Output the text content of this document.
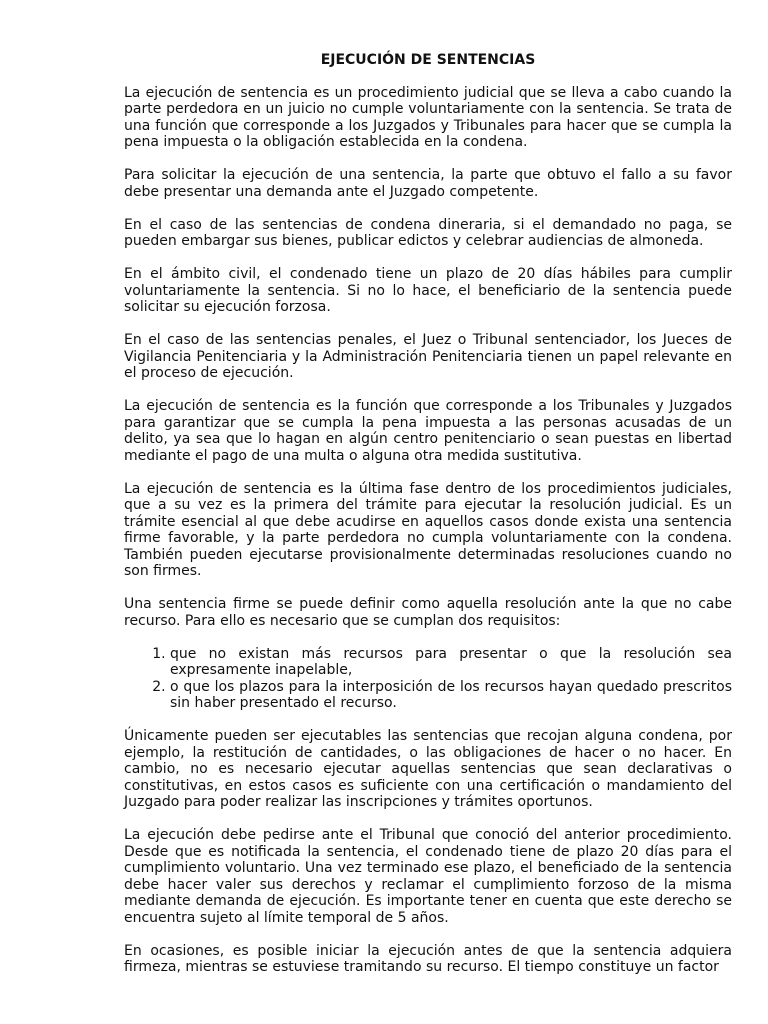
EJECUCIÓN DE SENTENCIAS

La ejecución de sentencia es un procedimiento judicial que se lleva a cabo cuando la parte perdedora en un juicio no cumple voluntariamente con la sentencia. Se trata de una función que corresponde a los Juzgados y Tribunales para hacer que se cumpla la pena impuesta o la obligación establecida en la condena.

Para solicitar la ejecución de una sentencia, la parte que obtuvo el fallo a su favor debe presentar una demanda ante el Juzgado competente.

En el caso de las sentencias de condena dineraria, si el demandado no paga, se pueden embargar sus bienes, publicar edictos y celebrar audiencias de almoneda.

En el ámbito civil, el condenado tiene un plazo de 20 días hábiles para cumplir voluntariamente la sentencia. Si no lo hace, el beneficiario de la sentencia puede solicitar su ejecución forzosa.

En el caso de las sentencias penales, el Juez o Tribunal sentenciador, los Jueces de Vigilancia Penitenciaria y la Administración Penitenciaria tienen un papel relevante en el proceso de ejecución.

La ejecución de sentencia es la función que corresponde a los Tribunales y Juzgados para garantizar que se cumpla la pena impuesta a las personas acusadas de un delito, ya sea que lo hagan en algún centro penitenciario o sean puestas en libertad mediante el pago de una multa o alguna otra medida sustitutiva.

La ejecución de sentencia es la última fase dentro de los procedimientos judiciales, que a su vez es la primera del trámite para ejecutar la resolución judicial. Es un trámite esencial al que debe acudirse en aquellos casos donde exista una sentencia firme favorable, y la parte perdedora no cumpla voluntariamente con la condena. También pueden ejecutarse provisionalmente determinadas resoluciones cuando no son firmes.

Una sentencia firme se puede definir como aquella resolución ante la que no cabe recurso. Para ello es necesario que se cumplan dos requisitos:

1. que no existan más recursos para presentar o que la resolución sea expresamente inapelable,
2. o que los plazos para la interposición de los recursos hayan quedado prescritos sin haber presentado el recurso.

Únicamente pueden ser ejecutables las sentencias que recojan alguna condena, por ejemplo, la restitución de cantidades, o las obligaciones de hacer o no hacer. En cambio, no es necesario ejecutar aquellas sentencias que sean declarativas o constitutivas, en estos casos es suficiente con una certificación o mandamiento del Juzgado para poder realizar las inscripciones y trámites oportunos.

La ejecución debe pedirse ante el Tribunal que conoció del anterior procedimiento. Desde que es notificada la sentencia, el condenado tiene de plazo 20 días para el cumplimiento voluntario. Una vez terminado ese plazo, el beneficiado de la sentencia debe hacer valer sus derechos y reclamar el cumplimiento forzoso de la misma mediante demanda de ejecución. Es importante tener en cuenta que este derecho se encuentra sujeto al límite temporal de 5 años.

En ocasiones, es posible iniciar la ejecución antes de que la sentencia adquiera firmeza, mientras se estuviese tramitando su recurso. El tiempo constituye un factor
